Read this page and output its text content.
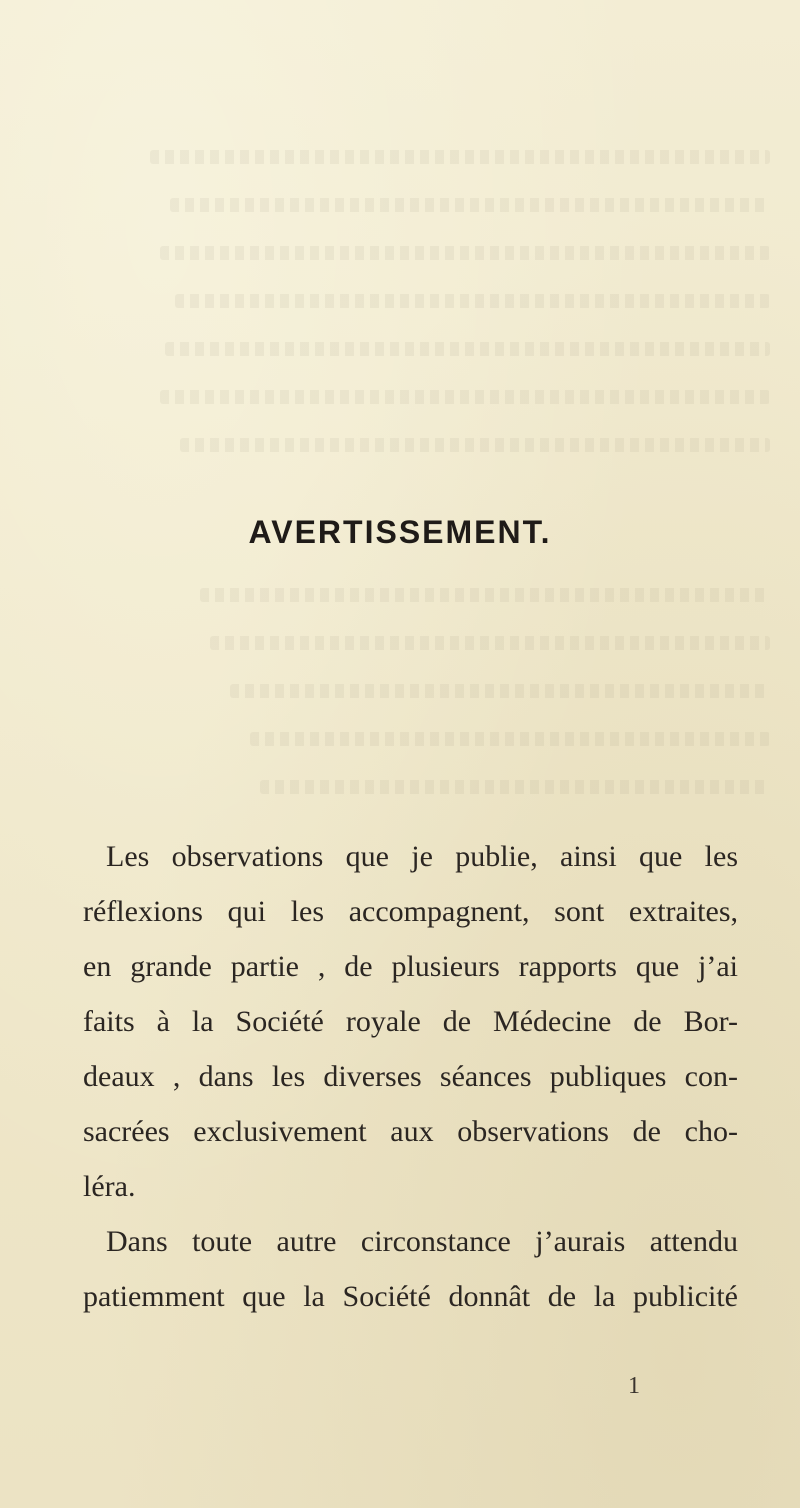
AVERTISSEMENT.
Les observations que je publie, ainsi que les
réflexions qui les accompagnent, sont extraites,
en grande partie , de plusieurs rapports que j’ai
faits à la Société royale de Médecine de Bor-
deaux , dans les diverses séances publiques con-
sacrées exclusivement aux observations de cho-
léra.
Dans toute autre circonstance j’aurais attendu
patiemment que la Société donnât de la publicité
1
